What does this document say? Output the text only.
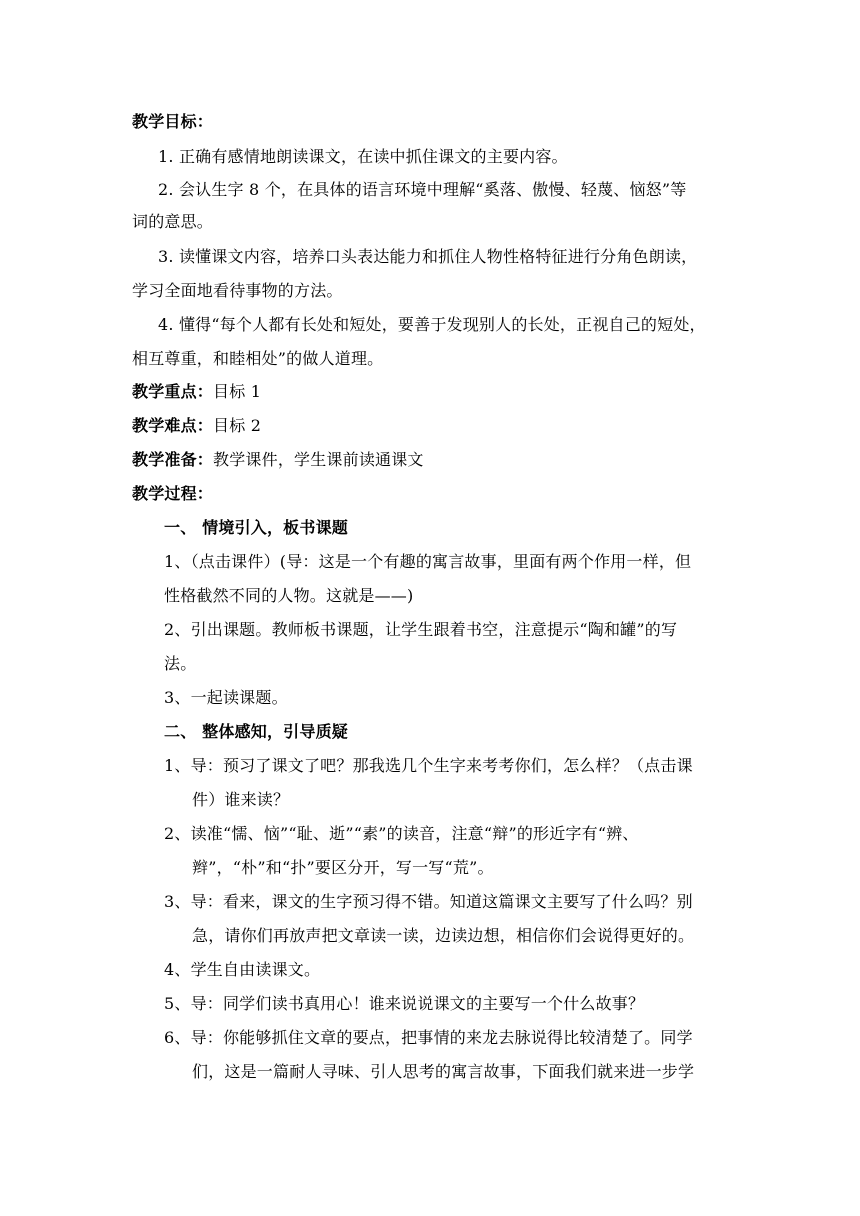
教学目标：
1. 正确有感情地朗读课文，在读中抓住课文的主要内容。
2. 会认生字 8 个，在具体的语言环境中理解“奚落、傲慢、轻蔑、恼怒”等
词的意思。
3. 读懂课文内容，培养口头表达能力和抓住人物性格特征进行分角色朗读，
学习全面地看待事物的方法。
4. 懂得“每个人都有长处和短处，要善于发现别人的长处，正视自己的短处，
相互尊重，和睦相处”的做人道理。
教学重点：目标 1
教学难点：目标 2
教学准备：教学课件，学生课前读通课文
教学过程：
一、 情境引入，板书课题
1、（点击课件）(导：这是一个有趣的寓言故事，里面有两个作用一样，但
性格截然不同的人物。这就是——)
2、引出课题。教师板书课题，让学生跟着书空，注意提示“陶和罐”的写
法。
3、一起读课题。
二、 整体感知，引导质疑
1、导：预习了课文了吧？那我选几个生字来考考你们，怎么样？（点击课
件）谁来读？
2、读准“懦、恼”“耻、逝”“素”的读音，注意“辩”的形近字有“辨、
辫”，“朴”和“扑”要区分开，写一写“荒”。
3、导：看来，课文的生字预习得不错。知道这篇课文主要写了什么吗？别
急，请你们再放声把文章读一读，边读边想，相信你们会说得更好的。
4、学生自由读课文。
5、导：同学们读书真用心！谁来说说课文的主要写一个什么故事？
6、导：你能够抓住文章的要点，把事情的来龙去脉说得比较清楚了。同学
们，这是一篇耐人寻味、引人思考的寓言故事，下面我们就来进一步学
